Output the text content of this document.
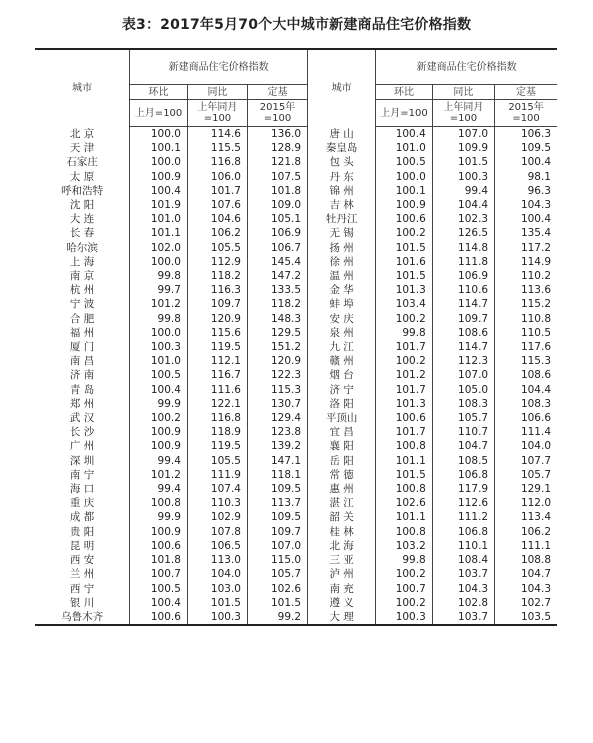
表3：2017年5月70个大中城市新建商品住宅价格指数
城市	新建商品住宅价格指数			城市	新建商品住宅价格指数		
	环比	同比	定基		环比	同比	定基
	上月=100	上年同月=100	2015年=100		上月=100	上年同月=100	2015年=100
北 京	100.0	114.6	136.0	唐 山	100.4	107.0	106.3
天 津	100.1	115.5	128.9	秦皇岛	101.0	109.9	109.5
石家庄	100.0	116.8	121.8	包 头	100.5	101.5	100.4
太 原	100.9	106.0	107.5	丹 东	100.0	100.3	98.1
呼和浩特	100.4	101.7	101.8	锦 州	100.1	99.4	96.3
沈 阳	101.9	107.6	109.0	吉 林	100.9	104.4	104.3
大 连	101.0	104.6	105.1	牡丹江	100.6	102.3	100.4
长 春	101.1	106.2	106.9	无 锡	100.2	126.5	135.4
哈尔滨	102.0	105.5	106.7	扬 州	101.5	114.8	117.2
上 海	100.0	112.9	145.4	徐 州	101.6	111.8	114.9
南 京	99.8	118.2	147.2	温 州	101.5	106.9	110.2
杭 州	99.7	116.3	133.5	金 华	101.3	110.6	113.6
宁 波	101.2	109.7	118.2	蚌 埠	103.4	114.7	115.2
合 肥	99.8	120.9	148.3	安 庆	100.2	109.7	110.8
福 州	100.0	115.6	129.5	泉 州	99.8	108.6	110.5
厦 门	100.3	119.5	151.2	九 江	101.7	114.7	117.6
南 昌	101.0	112.1	120.9	赣 州	100.2	112.3	115.3
济 南	100.5	116.7	122.3	烟 台	101.2	107.0	108.6
青 岛	100.4	111.6	115.3	济 宁	101.7	105.0	104.4
郑 州	99.9	122.1	130.7	洛 阳	101.3	108.3	108.3
武 汉	100.2	116.8	129.4	平顶山	100.6	105.7	106.6
长 沙	100.9	118.9	123.8	宜 昌	101.7	110.7	111.4
广 州	100.9	119.5	139.2	襄 阳	100.8	104.7	104.0
深 圳	99.4	105.5	147.1	岳 阳	101.1	108.5	107.7
南 宁	101.2	111.9	118.1	常 德	101.5	106.8	105.7
海 口	99.4	107.4	109.5	惠 州	100.8	117.9	129.1
重 庆	100.8	110.3	113.7	湛 江	102.6	112.6	112.0
成 都	99.9	102.9	109.5	韶 关	101.1	111.2	113.4
贵 阳	100.9	107.8	109.7	桂 林	100.8	106.8	106.2
昆 明	100.6	106.5	107.0	北 海	103.2	110.1	111.1
西 安	101.8	113.0	115.0	三 亚	99.8	108.4	108.8
兰 州	100.7	104.0	105.7	泸 州	100.2	103.7	104.7
西 宁	100.5	103.0	102.6	南 充	100.7	104.3	104.3
银 川	100.4	101.5	101.5	遵 义	100.2	102.8	102.7
乌鲁木齐	100.6	100.3	99.2	大 理	100.3	103.7	103.5
